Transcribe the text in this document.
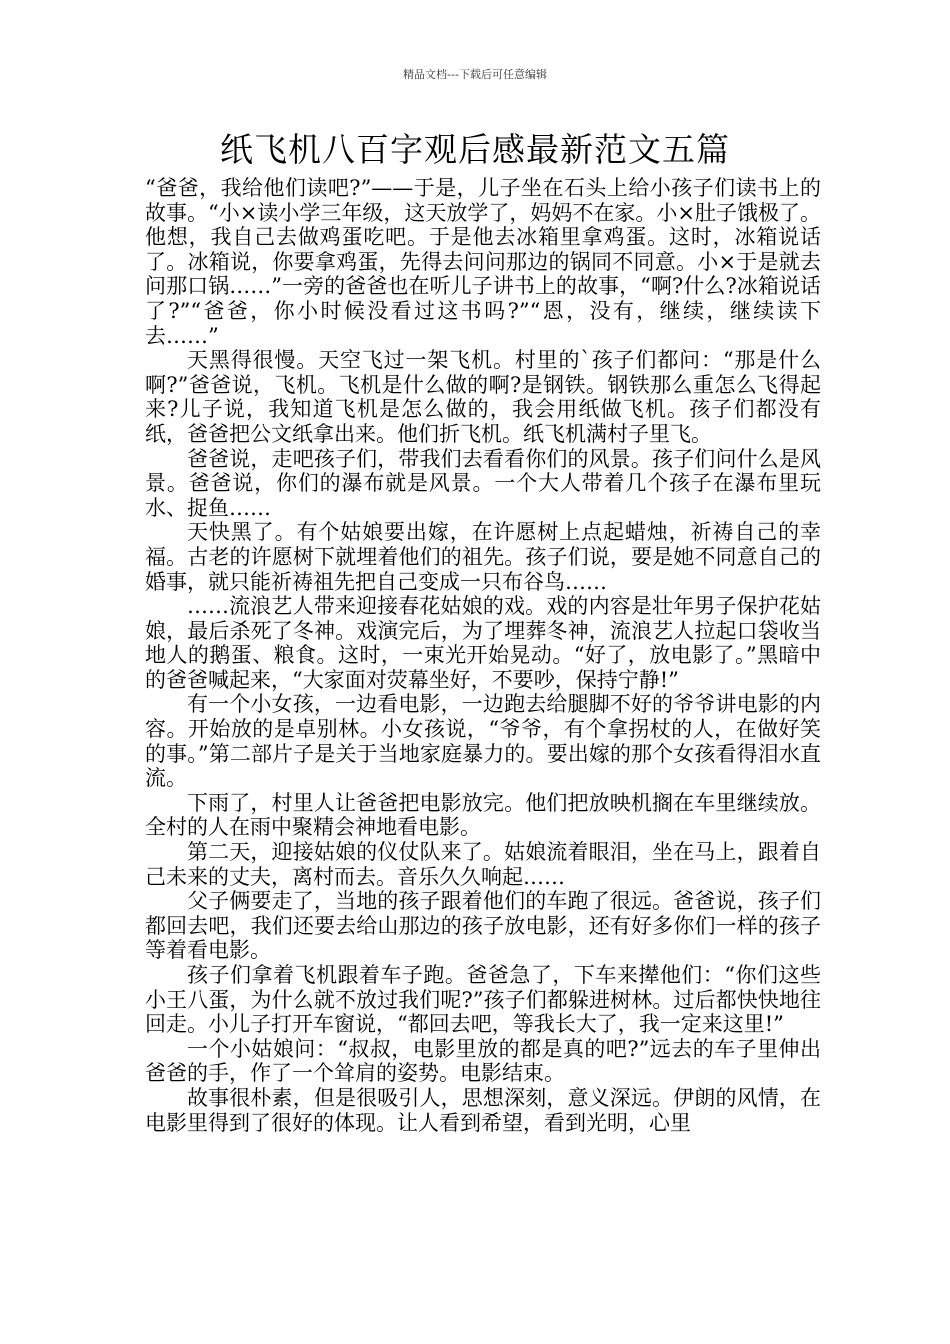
精品文档---下载后可任意编辑
纸飞机八百字观后感最新范文五篇

“爸爸，我给他们读吧?”——于是，儿子坐在石头上给小孩子们读书上的故事。“小×读小学三年级，这天放学了，妈妈不在家。小×肚子饿极了。他想，我自己去做鸡蛋吃吧。于是他去冰箱里拿鸡蛋。这时，冰箱说话了。冰箱说，你要拿鸡蛋，先得去问问那边的锅同不同意。小×于是就去问那口锅……”一旁的爸爸也在听儿子讲书上的故事，“啊?什么?冰箱说话了?”“爸爸，你小时候没看过这书吗?”“恩，没有，继续，继续读下去……”

天黑得很慢。天空飞过一架飞机。村里的`孩子们都问：“那是什么啊?”爸爸说，飞机。飞机是什么做的啊?是钢铁。钢铁那么重怎么飞得起来?儿子说，我知道飞机是怎么做的，我会用纸做飞机。孩子们都没有纸，爸爸把公文纸拿出来。他们折飞机。纸飞机满村子里飞。

爸爸说，走吧孩子们，带我们去看看你们的风景。孩子们问什么是风景。爸爸说，你们的瀑布就是风景。一个大人带着几个孩子在瀑布里玩水、捉鱼……

天快黑了。有个姑娘要出嫁，在许愿树上点起蜡烛，祈祷自己的幸福。古老的许愿树下就埋着他们的祖先。孩子们说，要是她不同意自己的婚事，就只能祈祷祖先把自己变成一只布谷鸟……

……流浪艺人带来迎接春花姑娘的戏。戏的内容是壮年男子保护花姑娘，最后杀死了冬神。戏演完后，为了埋葬冬神，流浪艺人拉起口袋收当地人的鹅蛋、粮食。这时，一束光开始晃动。“好了，放电影了。”黑暗中的爸爸喊起来，“大家面对荧幕坐好，不要吵，保持宁静!”

有一个小女孩，一边看电影，一边跑去给腿脚不好的爷爷讲电影的内容。开始放的是卓别林。小女孩说，“爷爷，有个拿拐杖的人，在做好笑的事。”第二部片子是关于当地家庭暴力的。要出嫁的那个女孩看得泪水直流。

下雨了，村里人让爸爸把电影放完。他们把放映机搁在车里继续放。全村的人在雨中聚精会神地看电影。

第二天，迎接姑娘的仪仗队来了。姑娘流着眼泪，坐在马上，跟着自己未来的丈夫，离村而去。音乐久久响起……

父子俩要走了，当地的孩子跟着他们的车跑了很远。爸爸说，孩子们都回去吧，我们还要去给山那边的孩子放电影，还有好多你们一样的孩子等着看电影。

孩子们拿着飞机跟着车子跑。爸爸急了，下车来撵他们：“你们这些小王八蛋，为什么就不放过我们呢?”孩子们都躲进树林。过后都快快地往回走。小儿子打开车窗说，“都回去吧，等我长大了，我一定来这里!”

一个小姑娘问：“叔叔，电影里放的都是真的吧?”远去的车子里伸出爸爸的手，作了一个耸肩的姿势。电影结束。

故事很朴素，但是很吸引人，思想深刻，意义深远。伊朗的风情，在电影里得到了很好的体现。让人看到希望，看到光明，心里
